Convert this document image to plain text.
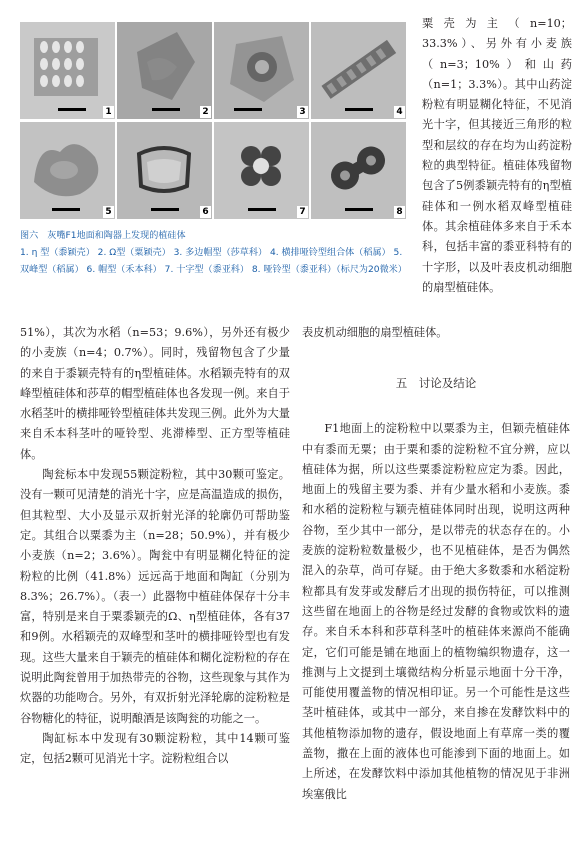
1	2	3	4
5	6	7	8
图六　灰嘴F1地面和陶器上发现的植硅体
1. η 型（黍颖壳） 2. Ω型（粟颖壳） 3. 多边帽型（莎草科） 4. 横排哑铃型组合体（稻属） 5. 双峰型（稻属） 6. 帽型（禾本科） 7. 十字型（黍亚科） 8. 哑铃型（黍亚科）（标尺为20微米）

粟壳为主（n=10；33.3%）、另外有小麦族（n=3；10%）和山药（n=1；3.3%）。其中山药淀粉粒有明显糊化特征，不见消光十字，但其接近三角形的粒型和层纹的存在均为山药淀粉粒的典型特征。植硅体残留物包含了5例黍颖壳特有的η型植硅体和一例水稻双峰型植硅体。其余植硅体多来自于禾本科，包括丰富的黍亚科特有的十字形，以及叶表皮机动细胞的扇型植硅体。

51%），其次为水稻（n=53；9.6%），另外还有极少的小麦族（n=4；0.7%）。同时，残留物包含了少量的来自于黍颖壳特有的η型植硅体。水稻颖壳特有的双峰型植硅体和莎草的帽型植硅体也各发现一例。来自于水稻茎叶的横排哑铃型植硅体共发现三例。此外为大量来自禾本科茎叶的哑铃型、兆滞棒型、正方型等植硅体。

陶瓮标本中发现55颗淀粉粒，其中30颗可鉴定。没有一颗可见清楚的消光十字，应是高温造成的损伤，但其粒型、大小及显示双折射光泽的轮廓仍可帮助鉴定。其组合以粟黍为主（n=28；50.9%），并有极少小麦族（n=2；3.6%）。陶瓮中有明显糊化特征的淀粉粒的比例（41.8%）远远高于地面和陶缸（分别为8.3%；26.7%）。（表一）此器物中植硅体保存十分丰富，特别是来自于粟黍颖壳的Ω、η型植硅体，各有37和9例。水稻颖壳的双峰型和茎叶的横排哑铃型也有发现。这些大量来自于颖壳的植硅体和糊化淀粉粒的存在说明此陶瓮曾用于加热带壳的谷物，这些现象与其作为炊器的功能吻合。另外，有双折射光泽轮廓的淀粉粒是谷物糖化的特征，说明酿酒是该陶瓮的功能之一。

陶缸标本中发现有30颗淀粉粒，其中14颗可鉴定，包括2颗可见消光十字。淀粉粒组合以

表皮机动细胞的扇型植硅体。

五　讨论及结论

F1地面上的淀粉粒中以粟黍为主，但颖壳植硅体中有黍而无粟；由于粟和黍的淀粉粒不宜分辨，应以植硅体为据，所以这些粟黍淀粉粒应定为黍。因此，地面上的残留主要为黍、并有少量水稻和小麦族。黍和水稻的淀粉粒与颖壳植硅体同时出现，说明这两种谷物，至少其中一部分，是以带壳的状态存在的。小麦族的淀粉粒数量极少，也不见植硅体，是否为偶然混入的杂草，尚可存疑。由于绝大多数黍和水稻淀粉粒都具有发芽或发酵后才出现的损伤特征，可以推测这些留在地面上的谷物是经过发酵的食物或饮料的遗存。来自禾本科和莎草科茎叶的植硅体来源尚不能确定，它们可能是铺在地面上的植物编织物遗存，这一推测与上文提到土壤微结构分析显示地面十分干净，可能使用覆盖物的情况相印证。另一个可能性是这些茎叶植硅体，或其中一部分，来自掺在发酵饮料中的其他植物添加物的遗存，假设地面上有草席一类的覆盖物，撒在上面的液体也可能渗到下面的地面上。如上所述，在发酵饮料中添加其他植物的情况见于非洲埃塞俄比
